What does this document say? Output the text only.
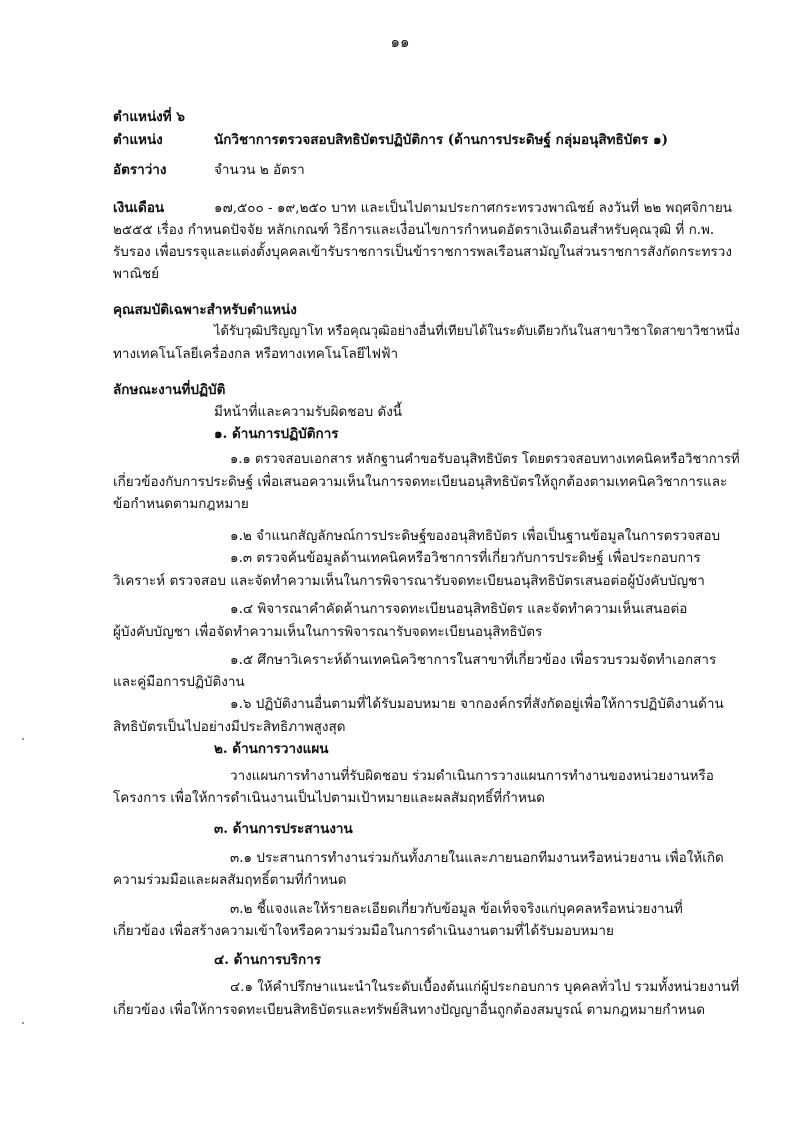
๑๑
ตำแหน่งที่ ๖
ตำแหน่ง	นักวิชาการตรวจสอบสิทธิบัตรปฏิบัติการ (ด้านการประดิษฐ์ กลุ่มอนุสิทธิบัตร ๑)
อัตราว่าง	จำนวน ๒ อัตรา
เงินเดือน	๑๗,๕๐๐ - ๑๙,๒๕๐ บาท และเป็นไปตามประกาศกระทรวงพาณิชย์ ลงวันที่ ๒๒ พฤศจิกายน
๒๕๕๕ เรื่อง กำหนดปัจจัย หลักเกณฑ์ วิธีการและเงื่อนไขการกำหนดอัตราเงินเดือนสำหรับคุณวุฒิ ที่ ก.พ.
รับรอง เพื่อบรรจุและแต่งตั้งบุคคลเข้ารับราชการเป็นข้าราชการพลเรือนสามัญในส่วนราชการสังกัดกระทรวง
พาณิชย์
คุณสมบัติเฉพาะสำหรับตำแหน่ง
ได้รับวุฒิปริญญาโท หรือคุณวุฒิอย่างอื่นที่เทียบได้ในระดับเดียวกันในสาขาวิชาใดสาขาวิชาหนึ่ง
ทางเทคโนโลยีเครื่องกล หรือทางเทคโนโลยีไฟฟ้า
ลักษณะงานที่ปฏิบัติ
มีหน้าที่และความรับผิดชอบ ดังนี้
๑. ด้านการปฏิบัติการ
๑.๑ ตรวจสอบเอกสาร หลักฐานคำขอรับอนุสิทธิบัตร โดยตรวจสอบทางเทคนิคหรือวิชาการที่
เกี่ยวข้องกับการประดิษฐ์ เพื่อเสนอความเห็นในการจดทะเบียนอนุสิทธิบัตรให้ถูกต้องตามเทคนิควิชาการและ
ข้อกำหนดตามกฎหมาย
๑.๒ จำแนกสัญลักษณ์การประดิษฐ์ของอนุสิทธิบัตร เพื่อเป็นฐานข้อมูลในการตรวจสอบ
๑.๓ ตรวจค้นข้อมูลด้านเทคนิคหรือวิชาการที่เกี่ยวกับการประดิษฐ์ เพื่อประกอบการ
วิเคราะห์ ตรวจสอบ และจัดทำความเห็นในการพิจารณารับจดทะเบียนอนุสิทธิบัตรเสนอต่อผู้บังคับบัญชา
๑.๔ พิจารณาคำคัดค้านการจดทะเบียนอนุสิทธิบัตร และจัดทำความเห็นเสนอต่อ
ผู้บังคับบัญชา เพื่อจัดทำความเห็นในการพิจารณารับจดทะเบียนอนุสิทธิบัตร
๑.๕ ศึกษาวิเคราะห์ด้านเทคนิควิชาการในสาขาที่เกี่ยวข้อง เพื่อรวบรวมจัดทำเอกสาร
และคู่มือการปฏิบัติงาน
๑.๖ ปฏิบัติงานอื่นตามที่ได้รับมอบหมาย จากองค์กรที่สังกัดอยู่เพื่อให้การปฏิบัติงานด้าน
สิทธิบัตรเป็นไปอย่างมีประสิทธิภาพสูงสุด
๒. ด้านการวางแผน
วางแผนการทำงานที่รับผิดชอบ ร่วมดำเนินการวางแผนการทำงานของหน่วยงานหรือ
โครงการ เพื่อให้การดำเนินงานเป็นไปตามเป้าหมายและผลสัมฤทธิ์ที่กำหนด
๓. ด้านการประสานงาน
๓.๑ ประสานการทำงานร่วมกันทั้งภายในและภายนอกทีมงานหรือหน่วยงาน เพื่อให้เกิด
ความร่วมมือและผลสัมฤทธิ์ตามที่กำหนด
๓.๒ ชี้แจงและให้รายละเอียดเกี่ยวกับข้อมูล ข้อเท็จจริงแก่บุคคลหรือหน่วยงานที่
เกี่ยวข้อง เพื่อสร้างความเข้าใจหรือความร่วมมือในการดำเนินงานตามที่ได้รับมอบหมาย
๔. ด้านการบริการ
๔.๑ ให้คำปรึกษาแนะนำในระดับเบื้องต้นแก่ผู้ประกอบการ บุคคลทั่วไป รวมทั้งหน่วยงานที่
เกี่ยวข้อง เพื่อให้การจดทะเบียนสิทธิบัตรและทรัพย์สินทางปัญญาอื่นถูกต้องสมบูรณ์ ตามกฎหมายกำหนด
